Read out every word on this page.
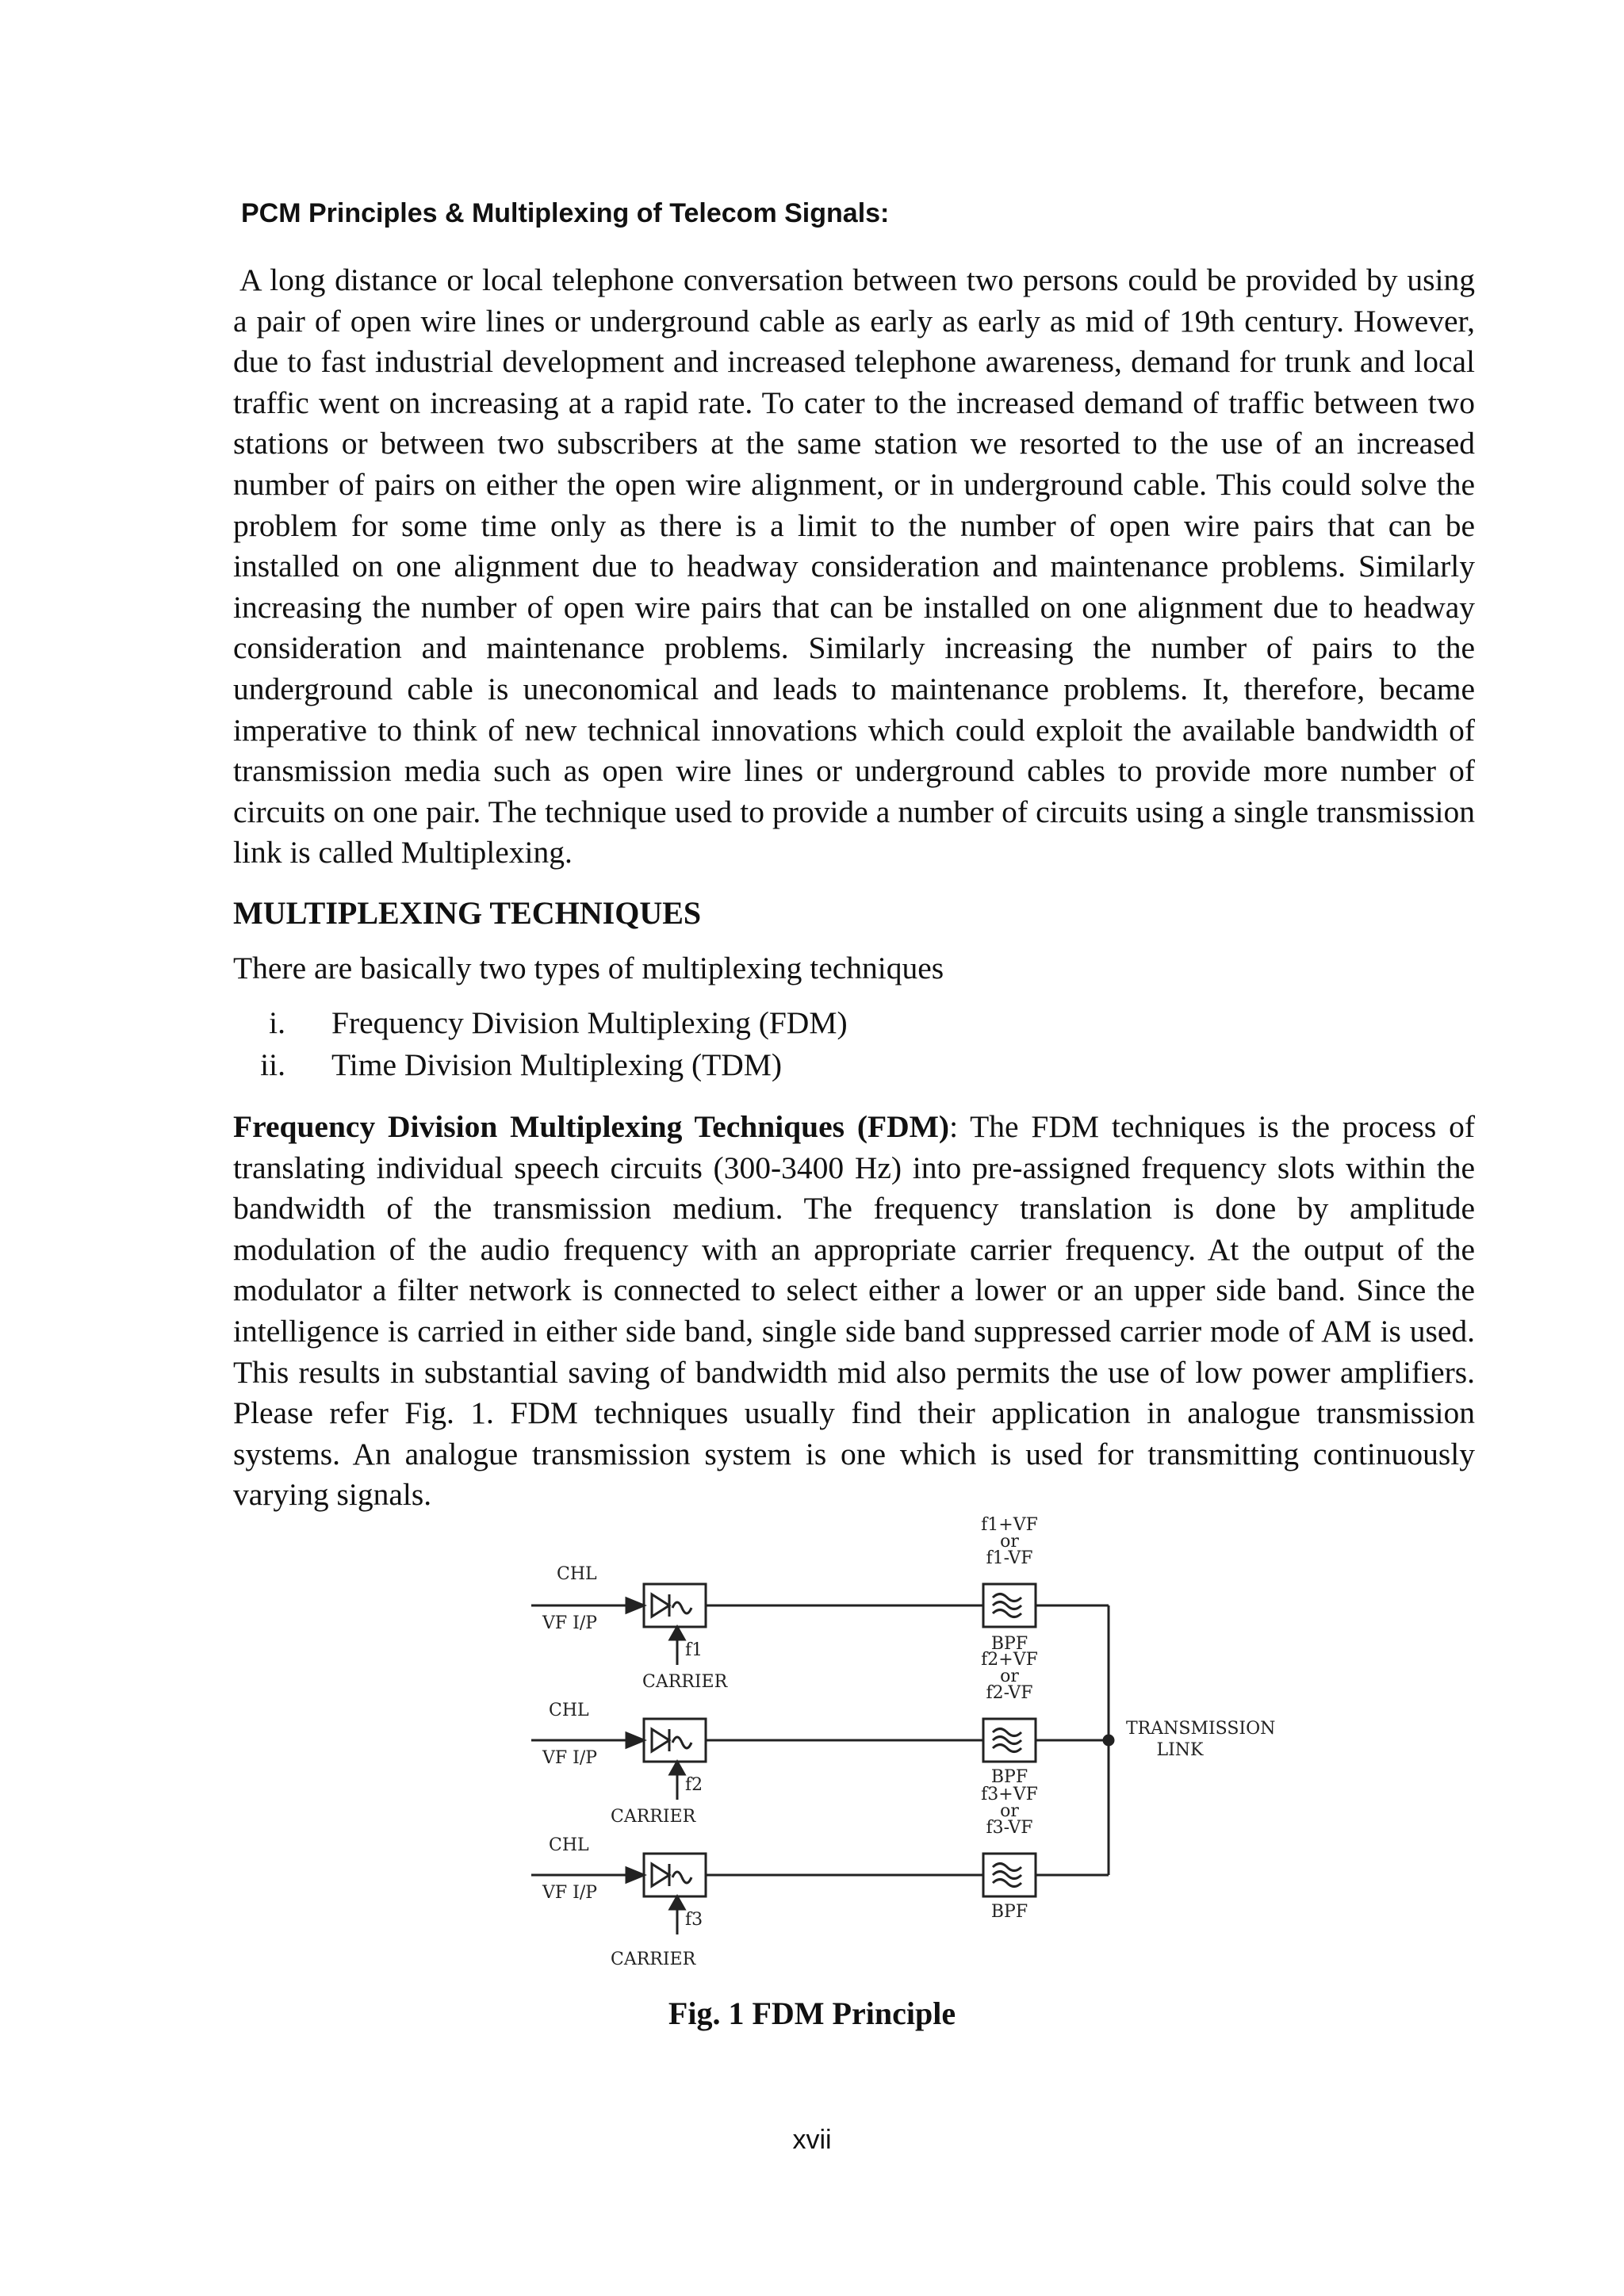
PCM Principles & Multiplexing of Telecom Signals:

A long distance or local telephone conversation between two persons could be provided by using a pair of open wire lines or underground cable as early as early as mid of 19th century. However, due to fast industrial development and increased telephone awareness, demand for trunk and local traffic went on increasing at a rapid rate. To cater to the increased demand of traffic between two stations or between two subscribers at the same station we resorted to the use of an increased number of pairs on either the open wire alignment, or in underground cable. This could solve the problem for some time only as there is a limit to the number of open wire pairs that can be installed on one alignment due to headway consideration and maintenance problems. Similarly increasing the number of open wire pairs that can be installed on one alignment due to headway consideration and maintenance problems. Similarly increasing the number of pairs to the underground cable is uneconomical and leads to maintenance problems. It, therefore, became imperative to think of new technical innovations which could exploit the available bandwidth of transmission media such as open wire lines or underground cables to provide more number of circuits on one pair. The technique used to provide a number of circuits using a single transmission link is called Multiplexing.

MULTIPLEXING TECHNIQUES
There are basically two types of multiplexing techniques
i. Frequency Division Multiplexing (FDM)
ii. Time Division Multiplexing (TDM)

Frequency Division Multiplexing Techniques (FDM): The FDM techniques is the process of translating individual speech circuits (300-3400 Hz) into pre-assigned frequency slots within the bandwidth of the transmission medium. The frequency translation is done by amplitude modulation of the audio frequency with an appropriate carrier frequency. At the output of the modulator a filter network is connected to select either a lower or an upper side band. Since the intelligence is carried in either side band, single side band suppressed carrier mode of AM is used. This results in substantial saving of bandwidth mid also permits the use of low power amplifiers. Please refer Fig. 1. FDM techniques usually find their application in analogue transmission systems. An analogue transmission system is one which is used for transmitting continuously varying signals.

CHL
VF I/P
f1
CARRIER
f1+VF
or
f1-VF
BPF
CHL
VF I/P
f2
CARRIER
f2+VF
or
f2-VF
BPF
CHL
VF I/P
f3
CARRIER
f3+VF
or
f3-VF
BPF
TRANSMISSION
LINK
Fig. 1 FDM Principle
xvii
